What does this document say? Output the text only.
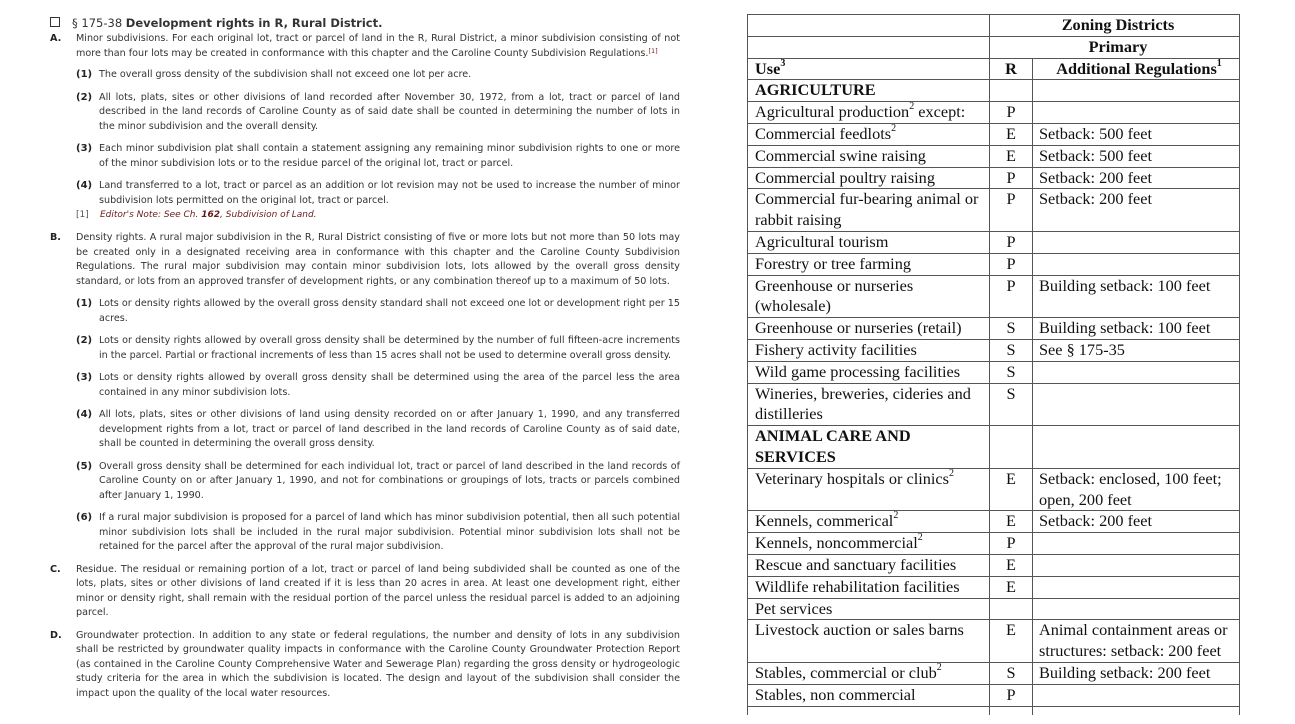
§ 175-38 Development rights in R, Rural District.
A. Minor subdivisions. For each original lot, tract or parcel of land in the R, Rural District, a minor subdivision consisting of not more than four lots may be created in conformance with this chapter and the Caroline County Subdivision Regulations.[1]
(1) The overall gross density of the subdivision shall not exceed one lot per acre.
(2) All lots, plats, sites or other divisions of land recorded after November 30, 1972, from a lot, tract or parcel of land described in the land records of Caroline County as of said date shall be counted in determining the number of lots in the minor subdivision and the overall density.
(3) Each minor subdivision plat shall contain a statement assigning any remaining minor subdivision rights to one or more of the minor subdivision lots or to the residue parcel of the original lot, tract or parcel.
(4) Land transferred to a lot, tract or parcel as an addition or lot revision may not be used to increase the number of minor subdivision lots permitted on the original lot, tract or parcel.
[1] Editor's Note: See Ch. 162, Subdivision of Land.
B. Density rights. A rural major subdivision in the R, Rural District consisting of five or more lots but not more than 50 lots may be created only in a designated receiving area in conformance with this chapter and the Caroline County Subdivision Regulations. The rural major subdivision may contain minor subdivision lots, lots allowed by the overall gross density standard, or lots from an approved transfer of development rights, or any combination thereof up to a maximum of 50 lots.
(1) Lots or density rights allowed by the overall gross density standard shall not exceed one lot or development right per 15 acres.
(2) Lots or density rights allowed by overall gross density shall be determined by the number of full fifteen-acre increments in the parcel. Partial or fractional increments of less than 15 acres shall not be used to determine overall gross density.
(3) Lots or density rights allowed by overall gross density shall be determined using the area of the parcel less the area contained in any minor subdivision lots.
(4) All lots, plats, sites or other divisions of land using density recorded on or after January 1, 1990, and any transferred development rights from a lot, tract or parcel of land described in the land records of Caroline County as of said date, shall be counted in determining the overall gross density.
(5) Overall gross density shall be determined for each individual lot, tract or parcel of land described in the land records of Caroline County on or after January 1, 1990, and not for combinations or groupings of lots, tracts or parcels combined after January 1, 1990.
(6) If a rural major subdivision is proposed for a parcel of land which has minor subdivision potential, then all such potential minor subdivision lots shall be included in the rural major subdivision. Potential minor subdivision lots shall not be retained for the parcel after the approval of the rural major subdivision.
C. Residue. The residual or remaining portion of a lot, tract or parcel of land being subdivided shall be counted as one of the lots, plats, sites or other divisions of land created if it is less than 20 acres in area. At least one development right, either minor or density right, shall remain with the residual portion of the parcel unless the residual parcel is added to an adjoining parcel.
D. Groundwater protection. In addition to any state or federal regulations, the number and density of lots in any subdivision shall be restricted by groundwater quality impacts in conformance with the Caroline County Groundwater Protection Report (as contained in the Caroline County Comprehensive Water and Sewerage Plan) regarding the gross density or hydrogeologic study criteria for the area in which the subdivision is located. The design and layout of the subdivision shall consider the impact upon the quality of the local water resources.
	Zoning Districts	
	Primary	
Use$^3$	R	Additional Regulations$^1$
AGRICULTURE		
Agricultural production$^2$ except:	P	
Commercial feedlots$^2$	E	Setback: 500 feet
Commercial swine raising	E	Setback: 500 feet
Commercial poultry raising	P	Setback: 200 feet
Commercial fur-bearing animal or rabbit raising	P	Setback: 200 feet
Agricultural tourism	P	
Forestry or tree farming	P	
Greenhouse or nurseries (wholesale)	P	Building setback: 100 feet
Greenhouse or nurseries (retail)	S	Building setback: 100 feet
Fishery activity facilities	S	See § 175-35
Wild game processing facilities	S	
Wineries, breweries, cideries and distilleries	S	
ANIMAL CARE AND SERVICES		
Veterinary hospitals or clinics$^2$	E	Setback: enclosed, 100 feet; open, 200 feet
Kennels, commerical$^2$	E	Setback: 200 feet
Kennels, noncommercial$^2$	P	
Rescue and sanctuary facilities	E	
Wildlife rehabilitation facilities	E	
Pet services		
Livestock auction or sales barns	E	Animal containment areas or structures: setback: 200 feet
Stables, commercial or club$^2$	S	Building setback: 200 feet
Stables, non commercial	P	
